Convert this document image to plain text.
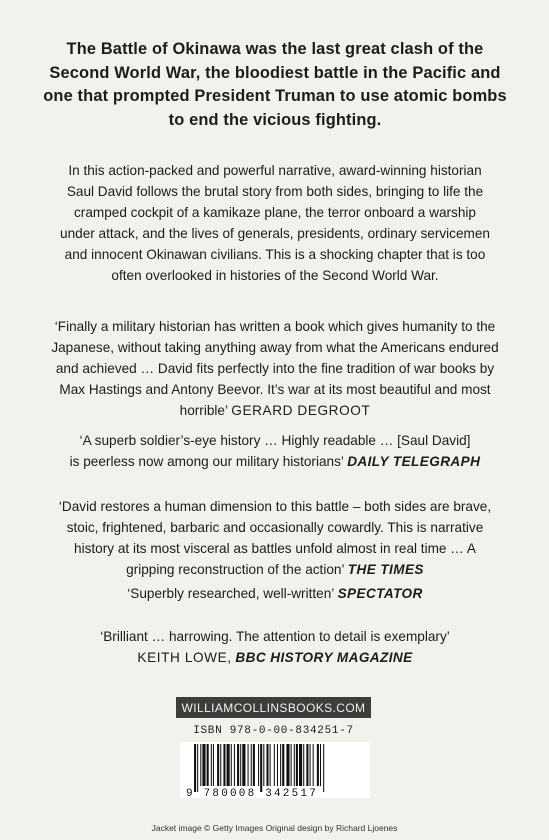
The Battle of Okinawa was the last great clash of the

Second World War, the bloodiest battle in the Pacific and

one that prompted President Truman to use atomic bombs

to end the vicious fighting.

In this action-packed and powerful narrative, award-winning historian

Saul David follows the brutal story from both sides, bringing to life the

cramped cockpit of a kamikaze plane, the terror onboard a warship

under attack, and the lives of generals, presidents, ordinary servicemen

and innocent Okinawan civilians. This is a shocking chapter that is too

often overlooked in histories of the Second World War.

‘Finally a military historian has written a book which gives humanity to the

Japanese, without taking anything away from what the Americans endured

and achieved … David fits perfectly into the fine tradition of war books by

Max Hastings and Antony Beevor. It’s war at its most beautiful and most

horrible’ GERARD DEGROOT

‘A superb soldier’s-eye history … Highly readable … [Saul David]

is peerless now among our military historians’ DAILY TELEGRAPH

‘David restores a human dimension to this battle – both sides are brave,

stoic, frightened, barbaric and occasionally cowardly. This is narrative

history at its most visceral as battles unfold almost in real time … A

gripping reconstruction of the action’ THE TIMES

‘Superbly researched, well-written’ SPECTATOR

‘Brilliant … harrowing. The attention to detail is exemplary’

KEITH LOWE, BBC HISTORY MAGAZINE

WILLIAMCOLLINSBOOKS.COM
ISBN 978-0-00-834251-7
9 780008 342517
Jacket image © Getty Images Original design by Richard Ljoenes
